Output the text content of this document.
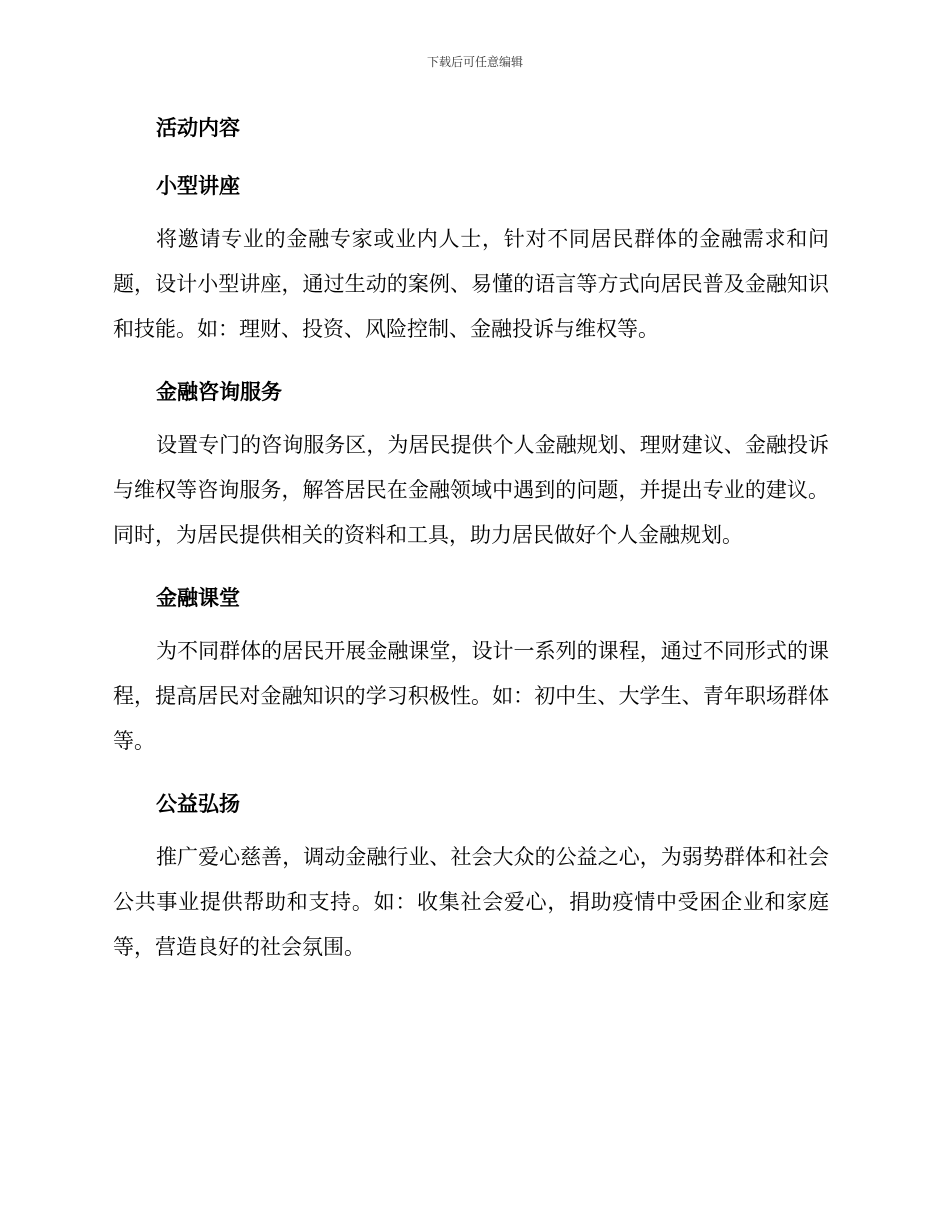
下载后可任意编辑
活动内容
小型讲座

将邀请专业的金融专家或业内人士，针对不同居民群体的金融需求和问题，设计小型讲座，通过生动的案例、易懂的语言等方式向居民普及金融知识和技能。如：理财、投资、风险控制、金融投诉与维权等。

金融咨询服务

设置专门的咨询服务区，为居民提供个人金融规划、理财建议、金融投诉与维权等咨询服务，解答居民在金融领域中遇到的问题，并提出专业的建议。同时，为居民提供相关的资料和工具，助力居民做好个人金融规划。

金融课堂

为不同群体的居民开展金融课堂，设计一系列的课程，通过不同形式的课程，提高居民对金融知识的学习积极性。如：初中生、大学生、青年职场群体等。

公益弘扬

推广爱心慈善，调动金融行业、社会大众的公益之心，为弱势群体和社会公共事业提供帮助和支持。如：收集社会爱心，捐助疫情中受困企业和家庭等，营造良好的社会氛围。
